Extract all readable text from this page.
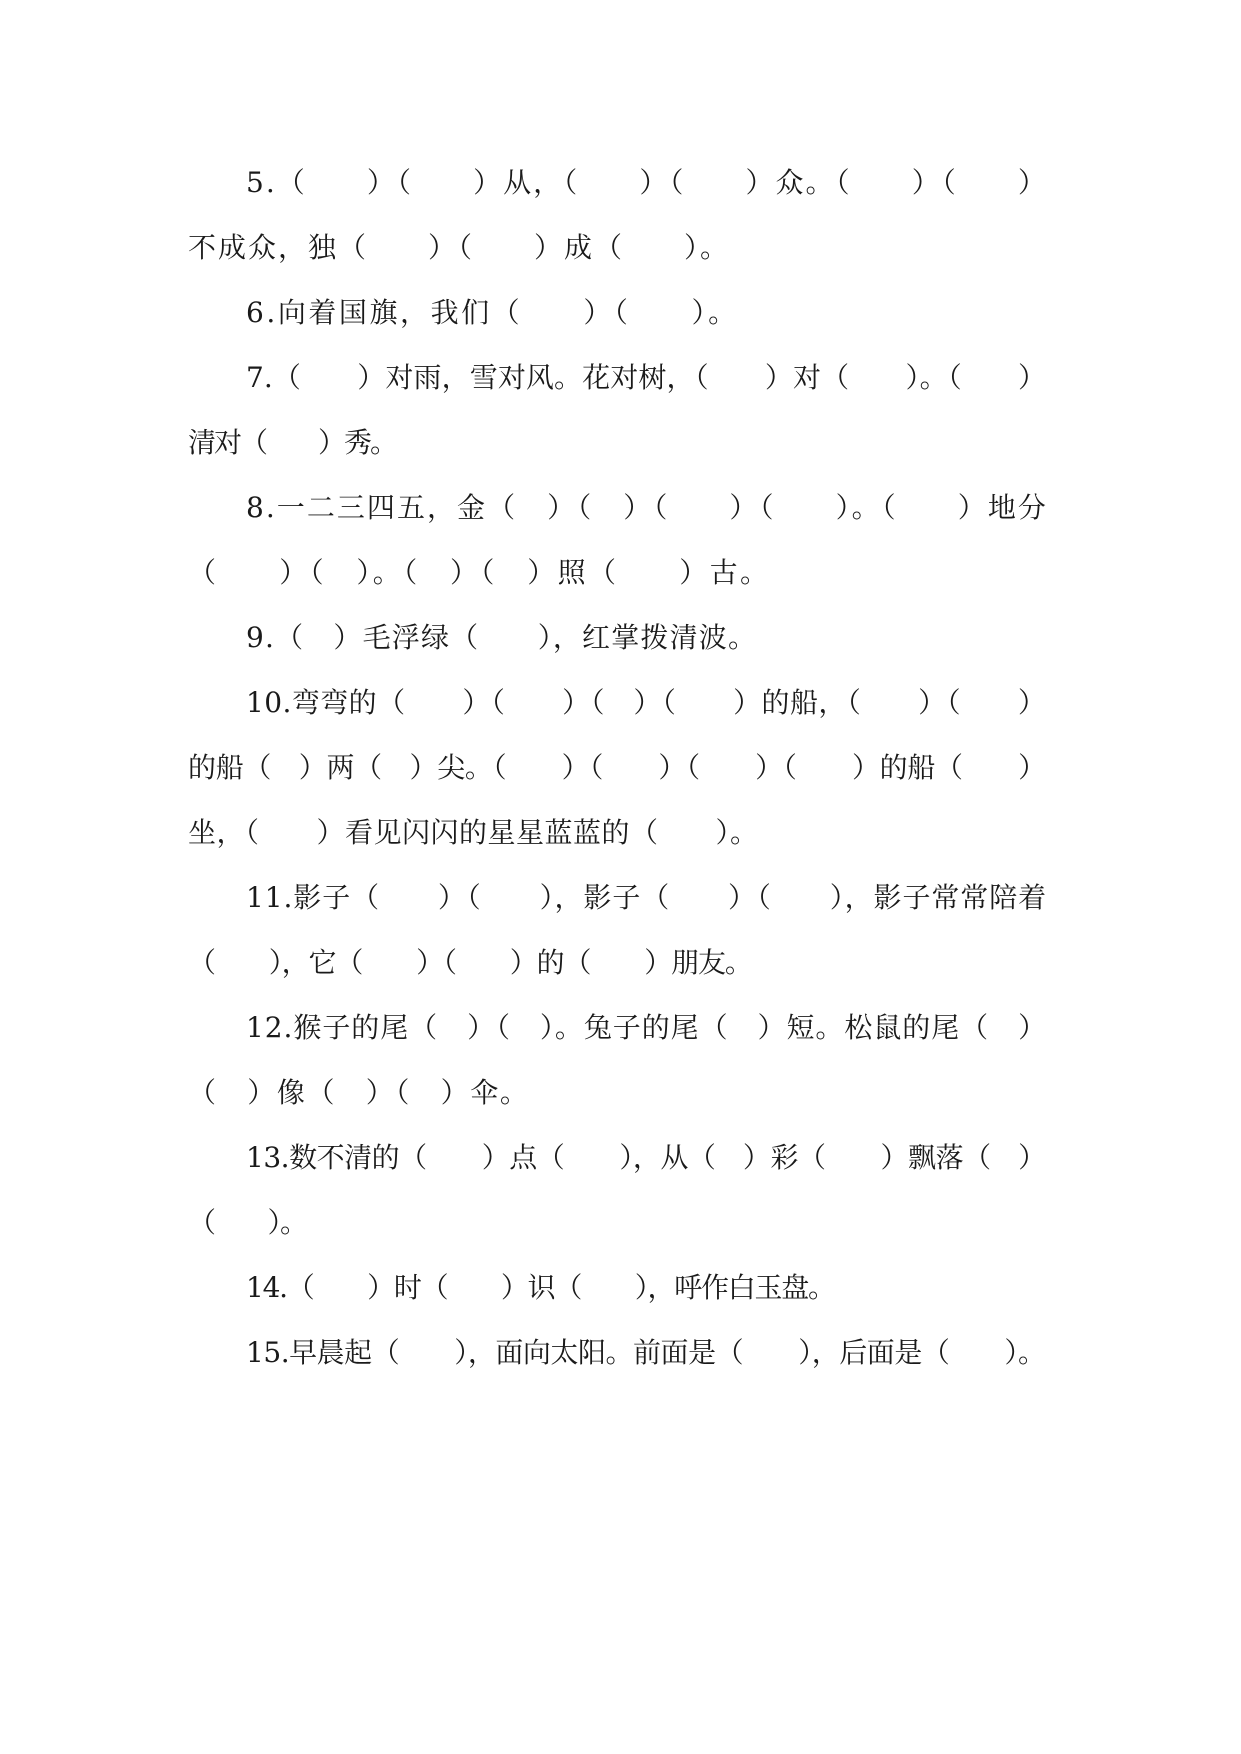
5.（　　）（　　）从，（　　）（　　）众。（　　）（　　）
不成众，独（　　）（　　）成（　　）。
6.向着国旗，我们（　　）（　　）。
7.（　　）对雨，雪对风。花对树，（　　）对（　　）。（　　）
清对（　　）秀。
8.一二三四五，金（　）（　）（　　）（　　）。（　　）地分
（　　）（　）。（　）（　）照（　　）古。
9.（　）毛浮绿（　　），红掌拨清波。
10.弯弯的（　　）（　　）（　）（　　）的船，（　　）（　　）
的船（　）两（　）尖。（　　）（　　）（　　）（　　）的船（　　）
坐，（　　）看见闪闪的星星蓝蓝的（　　）。
11.影子（　　）（　　），影子（　　）（　　），影子常常陪着
（　　），它（　　）（　　）的（　　）朋友。
12.猴子的尾（　）（　）。兔子的尾（　）短。松鼠的尾（　）
（　）像（　）（　）伞。
13.数不清的（　　）点（　　），从（　）彩（　　）飘落（　）
（　　）。
14.（　　）时（　　）识（　　），呼作白玉盘。
15.早晨起（　　），面向太阳。前面是（　　），后面是（　　）。
